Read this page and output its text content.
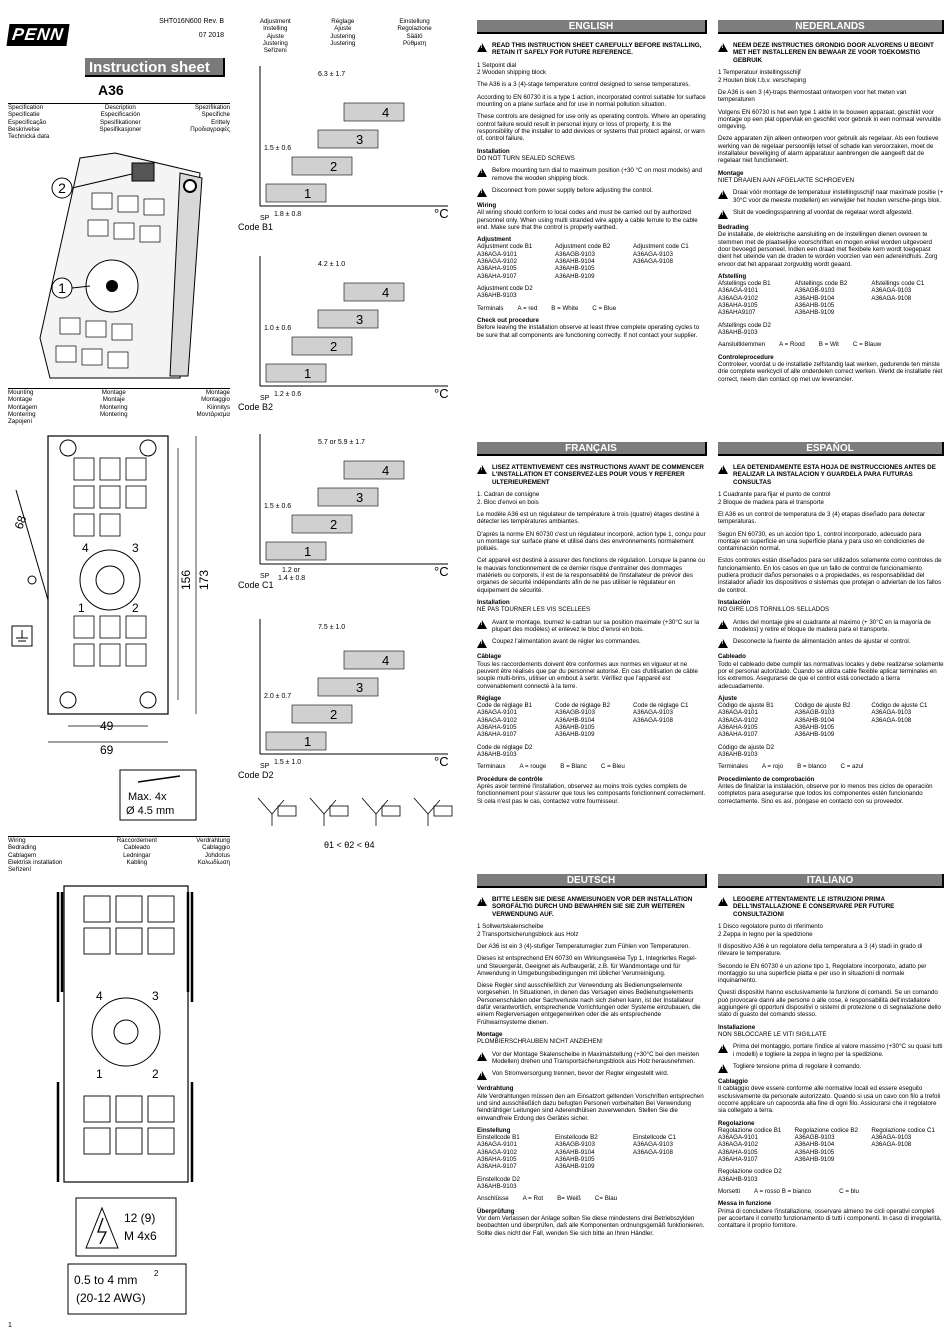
PENN
SHT016N600 Rev. B
07 2018
Instruction sheet
A36
Specification	Description	Spezifikation
Specificatie	Especificación	Specifiche
Especificação	Spesifikationer	Erittely
Beskrivelse	Spesifikasjoner	Προδιαγραφές
Technická data		
2
1
Mounting	Montage	Montage
Montage	Montaje	Montaggio
Montagem	Montering	Kiinnitys
Montering	Montering	Μοντάρισμα
Zapojení		
4	3
1	2
68
156 173
49
69
Max. 4x
Ø 4.5 mm
Wiring	Raccordement	Verdrahtung
Bedrading	Cableado	Cablaggio
Cablagem	Ledningar	Johdotus
Elektrisk installation	Kabling	Καλωδίωση
Seřízení		
4	3
1	2
12 (9)
M 4x6
0.5 to 4 mm 2
(20-12 AWG)
1
Adjustment	Réglage	Einstellung
Instelling	Ajuste	Regolazione
Ajuste	Justering	Säätö
Justering	Justering	Ρύθμιση
Seřízení		
1
2
3
4
SP	°C
Code B1
6.3 ± 1.7
1.5 ± 0.6
1.8 ± 0.8
1
2
3
4
SP	°C
Code B2
4.2 ± 1.0
1.0 ± 0.6
1.2 ± 0.6
1
2
3
4
SP	°C
Code C1
5.7 or 5.9 ± 1.7
1.5 ± 0.6
1.2 or
1.4 ± 0.8
1
2
3
4
SP	°C
Code D2
7.5 ± 1.0
2.0 ± 0.7
1.5 ± 1.0
θ1 < θ2 < θ4
ENGLISH
!
READ THIS INSTRUCTION SHEET CAREFULLY BEFORE INSTALLING, RETAIN IT SAFELY FOR FUTURE REFERENCE.

1 Setpoint dial
2 Wooden shipping block

The A36 is a 3 (4)-stage temperature control designed to sense temperatures.

According to EN 60730 it is a type 1 action, incorporated control suitable for surface mounting on a plane surface and for use in normal pollution situation.

These controls are designed for use only as operating controls. Where an operating control failure would result in personal injury or loss of property, it is the responsibility of the installer to add devices or systems that protect against, or warn of, control failure.

Installation

DO NOT TURN SEALED SCREWS

!
Before mounting turn dial to maximum position (+30 °C on most models) and remove the wooden shipping block.
!
Disconnect from power supply before adjusting the control.
Wiring

All wiring should conform to local codes and must be carried out by authorized personnel only. When using multi stranded wire apply a cable ferrule to the cable end. Make sure that the control is properly earthed.

Adjustment
Adjustment code B1
A36AGA-9101
A36AGA-9102
A36AHA-9105
A36AHA-9107
Adjustment code B2
A36AGB-9103
A36AHB-9104
A36AHB-9105
A36AHB-9109
Adjustment code C1
A36AGA-9103
A36AGA-9108
Adjustment code D2

A36AHB-9103

Terminals A = red B = White C = Blue
Check out procedure

Before leaving the installation observe at least three complete operating cycles to be sure that all components are functioning correctly. If not contact your supplier.

NEDERLANDS
!
NEEM DEZE INSTRUCTIES GRONDIG DOOR ALVORENS U BEGINT MET HET INSTALLEREN EN BEWAAR ZE VOOR TOEKOMSTIG GEBRUIK

1 Temperatuur instellingsschijf
2 Houten blok t.b.v. verscheping

De A36 is een 3 (4)-traps thermostaat ontworpen voor het meten van temperaturen

Volgens EN 60730 is het een type 1 aktie in te bouwen apparaat, geschikt voor montage op een plat oppervlak en geschikt voor gebruik in een normaal vervuilde omgeving.

Deze apparaten zijn alleen ontworpen voor gebruik als regelaar. Als een foutieve werking van de regelaar persoonlijk letsel of schade kan veroorzaken, moet de installateur beveiliging of alarm apparatuur aanbrengen die aangeeft dat de regelaar niet functioneert.

Montage

NIET DRAAIEN AAN AFGELAKTE SCHROEVEN

!
Draai vóór montage de temperatuur instellingsschijf naar maximale positie (+ 30°C voor de meeste modellen) en verwijder het houten versche-pings blok.
!
Sluit de voedingsspanning af voordat de regelaar wordt afgesteld.
Bedrading

De installatie, de elektrische aansluiting en de instellingen dienen overeen te stemmen met de plaatselijke voorschriften en mogen enkel worden uitgevoerd door bevoegd personeel. Indien een draad met flexibele kern wordt toegepast dient het uiteinde van de draden te worden voorzien van een adereindhuls. Zorg ervoor dat het apparaat zorgvuldig wordt geaard.

Afstelling
Afstellings code B1
A36AGA-9101
A36AGA-9102
A36AHA-9105
A36AHA9107
Afstellings code B2
A36AGB-9103
A36AHB-9104
A36AHB-9105
A36AHB-9109
Afstellings code C1
A36AGA-9103
A36AGA-9108
Afstellings code D2

A36AHB-9103

Aansluitklemmen A = Rood B = Wit C = Blauw
Controleprocedure

Controleer, voordat u de installatie zelfstandig laat werken, gedurende ten minste drie complete werkcycli of alle onderdelen correct werken. Werkt de installatie niet correct, neem dan contact op met uw leverancier.

FRANÇAIS
!
LISEZ ATTENTIVEMENT CES INSTRUCTIONS AVANT DE COMMENCER L'INSTALLATION ET CONSERVEZ-LES POUR VOUS Y REFERER ULTERIEUREMENT

1. Cadran de consigne
2. Bloc d'envoi en bois

Le modèle A36 est un régulateur de température à trois (quatre) étages destiné à détecter les températures ambiantes.

D'après la norme EN 60730 c'est un régulateur incorporé, action type 1, conçu pour un montage sur surface plane et utilisé dans des environnements normalement pollués.

Cet appareil est destiné à assurer des fonctions de régulation. Lorsque la panne ou le mauvais fonctionnement de ce dernier risque d'entraîner des dommages matériels ou corporels, il est de la responsabilité de l'installateur de prévoir des organes de sécurité indépendants afin de ne pas utiliser le régulateur en équipement de sécurité.

Installation

NE PAS TOURNER LES VIS SCELLEES

!
Avant le montage, tournez le cadran sur sa position maximale (+30°C sur la plupart des modèles) et enlevez le bloc d'envoi en bois.
!
Coupez l'alimentation avant de régler les commandes.
Câblage

Tous les raccordements doivent être conformes aux normes en vigueur et ne peuvent être réalisés que par du personnel autorisé. En cas d'utilisation de câble souple multi-brins, utiliser un embout à sertir. Vérifiez que l'appareil est convenablement connecté à la terre.

Réglage
Code de réglage B1
A36AGA-9101
A36AGA-9102
A36AHA-9105
A36AHA-9107
Code de réglage B2
A36AGB-9103
A36AHB-9104
A36AHB-9105
A36AHB-9109
Code de réglage C1
A36AGA-9103
A36AGA-9108
Code de réglage D2

A36AHB-9103

Terminaux A = rouge B = Blanc C = Bleu
Procédure de contrôle

Après avoir terminé l'installation, observez au moins trois cycles complets de fonctionnement pour s'assurer que tous les composants fonctionnent correctement. Si cela n'est pas le cas, contactez votre fournisseur.

ESPAÑOL
!
LEA DETENIDAMENTE ESTA HOJA DE INSTRUCCIONES ANTES DE REALIZAR LA INSTALACION Y GUARDELA PARA FUTURAS CONSULTAS

1 Cuadrante para fijar el punto de control
2 Bloque de madera para el transporte

El A36 es un control de temperatura de 3 (4) etapas diseñado para detectar temperaturas.

Según EN 60730, es un acción tipo 1, control incorporado, adecuado para montaje en superficie en una superficie plana y para uso en condiciones de contaminación normal.

Estos controles están diseñados para ser utilizados solamente como controles de funcionamiento. En los casos en que un fallo de control de funcionamiento pudiera producir daños personales o a propiedades, es responsabilidad del instalador añadir los dispositivos o sistemas que protejan o adviertan de los fallos de control.

Instalación

NO GIRE LOS TORNILLOS SELLADOS

!
Antes del montaje gire el cuadrante al máximo (+ 30°C en la mayoría de modelos) y retire el bloque de madera para el transporte.
!
Desconecte la fuente de alimentación antes de ajustar el control.
Cableado

Todo el cableado debe cumplir las normativas locales y debe realizarse solamente por el personal autorizado. Cuando se utiliza cable flexible aplicar terminales en los extremos. Asegurarse de que el control está conectado a tierra adecuadamente.

Ajuste
Código de ajuste B1
A36AGA-9101
A36AGA-9102
A36AHA-9105
A36AHA-9107
Código de ajuste B2
A36AGB-9103
A36AHB-9104
A36AHB-9105
A36AHB-9109
Código de ajuste C1
A36AGA-9103
A36AGA-9108
Código de ajuste D2

A36AHB-9103

Terminales A = rojo B = blanco C = azul
Procedimiento de comprobación

Antes de finalizar la instalación, observe por lo menos tres ciclos de operación completos para asegurarse que todos los componentes estén funcionando correctamente. Sino es así, póngase en contacto con su proveedor.

DEUTSCH
!
BITTE LESEN SIE DIESE ANWEISUNGEN VOR DER INSTALLATION SORGFÄLTIG DURCH UND BEWAHREN SIE SIE ZUR WEITEREN VERWENDUNG AUF.

1 Sollwertskalenscheibe
2 Transportsicherungsblock aus Holz

Der A36 ist ein 3 (4)-stufiger Temperaturregler zum Fühlen von Temperaturen.

Dieses ist entsprechend EN 60730 ein Wirkungsweise Typ 1, Integriertes Regel- und Steuergerät, Geeignet als Aufbaugerät, z.B. für Wandmontage und für Anwendung in Umgebungsbedingungen mit üblicher Verunreinigung.

Diese Regler sind ausschließlich zur Verwendung als Bedienungselemente vorgesehen. In Situationen, in denen das Versagen eines Bedienungselements Personenschäden oder Sachverluste nach sich ziehen kann, ist der Installateur dafür verantwortlich, entsprechende Vorrichtungen oder Systeme einzubauen, die einem Reglerversagen entgegenwirken oder die als entsprechende Frühwarnsysteme dienen.

Montage

PLOMBIERSCHRAUBEN NICHT ANZIEHEN!

!
Vor der Montage Skalenscheibe in Maximalstellung (+30°C bei den meisten Modellen) drehen und Transportsicherungsblock aus Holz herausnehmen.
!
Von Stromversorgung trennen, bevor der Regler eingestellt wird.
Verdrahtung

Alle Verdrahtungen müssen den am Einsatzort geltenden Vorschriften entsprechen und sind ausschließlich dazu befugten Personen vorbehalten Bei Verwendung feindrähtiger Leitungen sind Aderendhülsen zuverwenden. Stellen Sie die einwandfreie Erdung des Gerätes sicher.

Einstellung
Einstellcode B1
A36AGA-9101
A36AGA-9102
A36AHA-9105
A36AHA-9107
Einstellcode B2
A36AGB-9103
A36AHB-9104
A36AHB-9105
A36AHB-9109
Einstellcode C1
A36AGA-9103
A36AGA-9108
Einstellcode D2

A36AHB-9103

Anschlüsse A = Rot B= Weiß C= Blau
Überprüfung

Vor dem Verlassen der Anlage sollten Sie diese mindestens drei Betriebszyklen beobachten und überprüfen, daß alle Komponenten ordnungsgemäß funktionieren. Sollte dies nicht der Fall, wenden Sie sich bitte an Ihren Händler.

ITALIANO
!
LEGGERE ATTENTAMENTE LE ISTRUZIONI PRIMA DELL'INSTALLAZIONE E CONSERVARE PER FUTURE CONSULTAZIONI

1 Disco regolatore punto di riferimento
2 Zeppa in legno per la spedizione

Il dispositivo A36 è un regolatore della temperatura a 3 (4) stadi in grado di rilevare le temperature.

Secondo le EN 60730 è un azione tipo 1, Regolatore incorporato, adatto per montaggio su una superficie piatta e per uso in situazioni di normale inquinamento.

Questi dispositivi hanno esclusivamente la funzione di comandi. Se un comando può provocare danni alle persone o alle cose, è responsabilità dell'installatore aggiungere gli opportuni dispositivi o sistemi di protezione o di segnalazione dello stato di guasto del comando stesso.

Installazione

NON SBLOCCARE LE VITI SIGILLATE

!
Prima del montaggio, portare l'indice al valore massimo (+30°C su quasi tutti i modelli) e togliere la zeppa in legno per la spedizione.
!
Togliere tensione prima di regolare il comando.
Cablaggio

Il cablaggio deve essere conforme alle normative locali ed essere eseguito esclusivamente da personale autorizzato. Quando si usa un cavo con filo a trefoli occorre applicare un capocorda alla fine di ogni filo. Assicurarsi che il regolatore sia collegato a terra.

Regolazione
Regolazione codice B1
A36AGA-9101
A36AGA-9102
A36AHA-9105
A36AHA-9107
Regolazione codice B2
A36AGB-9103
A36AHB-9104
A36AHB-9105
A36AHB-9109
Regolazione codice C1
A36AGA-9103
A36AGA-9108
Regolazione codice D2

A36AHB-9103

Morsetti A = rosso B = bianco	C = blu
Messa in funzione

Prima di concludere l'installazione, osservare almeno tre cicli operativi completi per accertare il corretto funzionamento di tutti i componenti. In caso di irregolarità, contattare il proprio fornitore.
